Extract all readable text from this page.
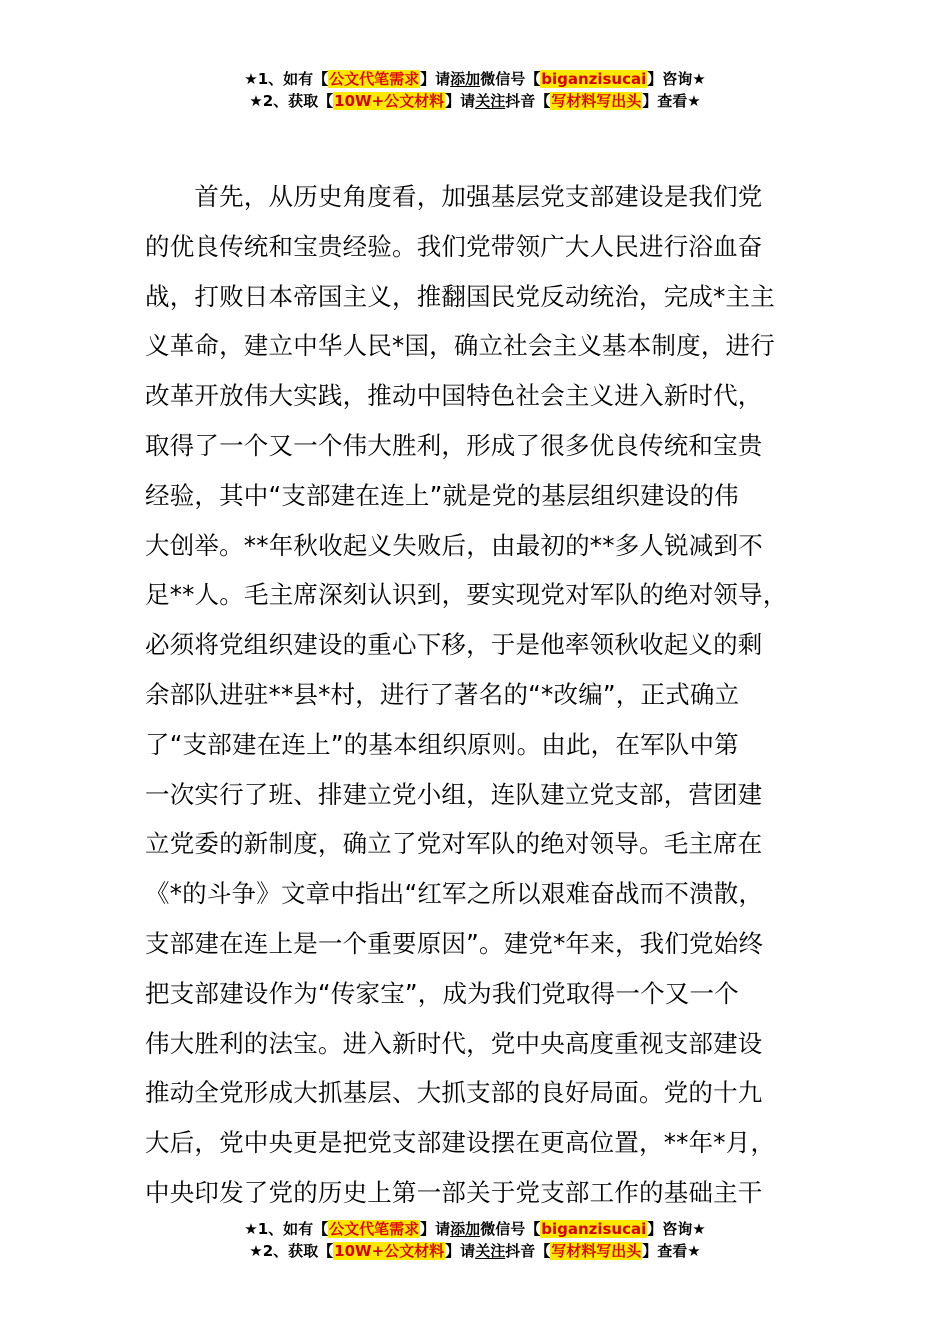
★1、如有【公文代笔需求】请添加微信号【biganzisucai】咨询★
★2、获取【10W+公文材料】请关注抖音【写材料写出头】查看★
　　首先，从历史角度看，加强基层党支部建设是我们党
的优良传统和宝贵经验。我们党带领广大人民进行浴血奋
战，打败日本帝国主义，推翻国民党反动统治，完成*主主
义革命，建立中华人民*国，确立社会主义基本制度，进行
改革开放伟大实践，推动中国特色社会主义进入新时代，
取得了一个又一个伟大胜利，形成了很多优良传统和宝贵
经验，其中“支部建在连上”就是党的基层组织建设的伟
大创举。**年秋收起义失败后，由最初的**多人锐减到不
足**人。毛主席深刻认识到，要实现党对军队的绝对领导，
必须将党组织建设的重心下移，于是他率领秋收起义的剩
余部队进驻**县*村，进行了著名的“*改编”，正式确立
了“支部建在连上”的基本组织原则。由此，在军队中第
一次实行了班、排建立党小组，连队建立党支部，营团建
立党委的新制度，确立了党对军队的绝对领导。毛主席在
《*的斗争》文章中指出“红军之所以艰难奋战而不溃散，
支部建在连上是一个重要原因”。建党*年来，我们党始终
把支部建设作为“传家宝”，成为我们党取得一个又一个
伟大胜利的法宝。进入新时代，党中央高度重视支部建设
推动全党形成大抓基层、大抓支部的良好局面。党的十九
大后，党中央更是把党支部建设摆在更高位置，**年*月，
中央印发了党的历史上第一部关于党支部工作的基础主干
★1、如有【公文代笔需求】请添加微信号【biganzisucai】咨询★
★2、获取【10W+公文材料】请关注抖音【写材料写出头】查看★
